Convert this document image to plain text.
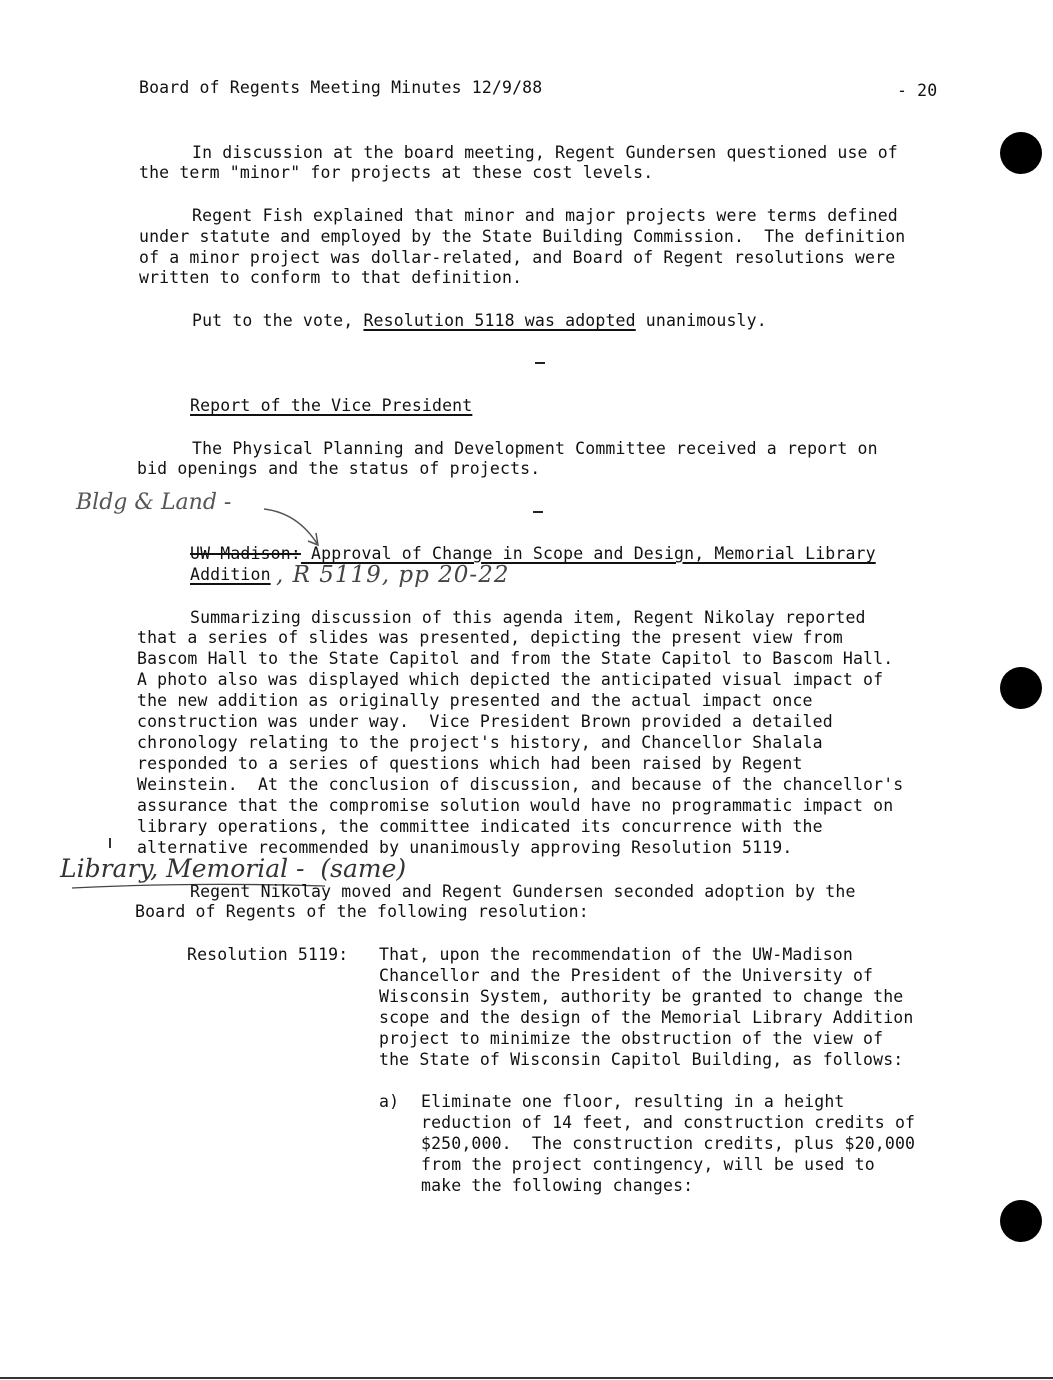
Board of Regents Meeting Minutes 12/9/88	- 20
In discussion at the board meeting, Regent Gundersen questioned use of
the term "minor" for projects at these cost levels.
Regent Fish explained that minor and major projects were terms defined
under statute and employed by the State Building Commission.  The definition
of a minor project was dollar-related, and Board of Regent resolutions were
written to conform to that definition.
Put to the vote, Resolution 5118 was adopted unanimously.
Report of the Vice President
The Physical Planning and Development Committee received a report on
bid openings and the status of projects.
Bldg & Land -
UW-Madison: Approval of Change in Scope and Design, Memorial Library
Addition , R 5119, pp 20-22
Summarizing discussion of this agenda item, Regent Nikolay reported
that a series of slides was presented, depicting the present view from
Bascom Hall to the State Capitol and from the State Capitol to Bascom Hall.
A photo also was displayed which depicted the anticipated visual impact of
the new addition as originally presented and the actual impact once
construction was under way.  Vice President Brown provided a detailed
chronology relating to the project's history, and Chancellor Shalala
responded to a series of questions which had been raised by Regent
Weinstein.  At the conclusion of discussion, and because of the chancellor's
assurance that the compromise solution would have no programmatic impact on
library operations, the committee indicated its concurrence with the
alternative recommended by unanimously approving Resolution 5119.
Library, Memorial -  (same)
Regent Nikolay moved and Regent Gundersen seconded adoption by the
Board of Regents of the following resolution:
Resolution 5119: That, upon the recommendation of the UW-Madison
Chancellor and the President of the University of
Wisconsin System, authority be granted to change the
scope and the design of the Memorial Library Addition
project to minimize the obstruction of the view of
the State of Wisconsin Capitol Building, as follows:
a) Eliminate one floor, resulting in a height
reduction of 14 feet, and construction credits of
$250,000.  The construction credits, plus $20,000
from the project contingency, will be used to
make the following changes:
